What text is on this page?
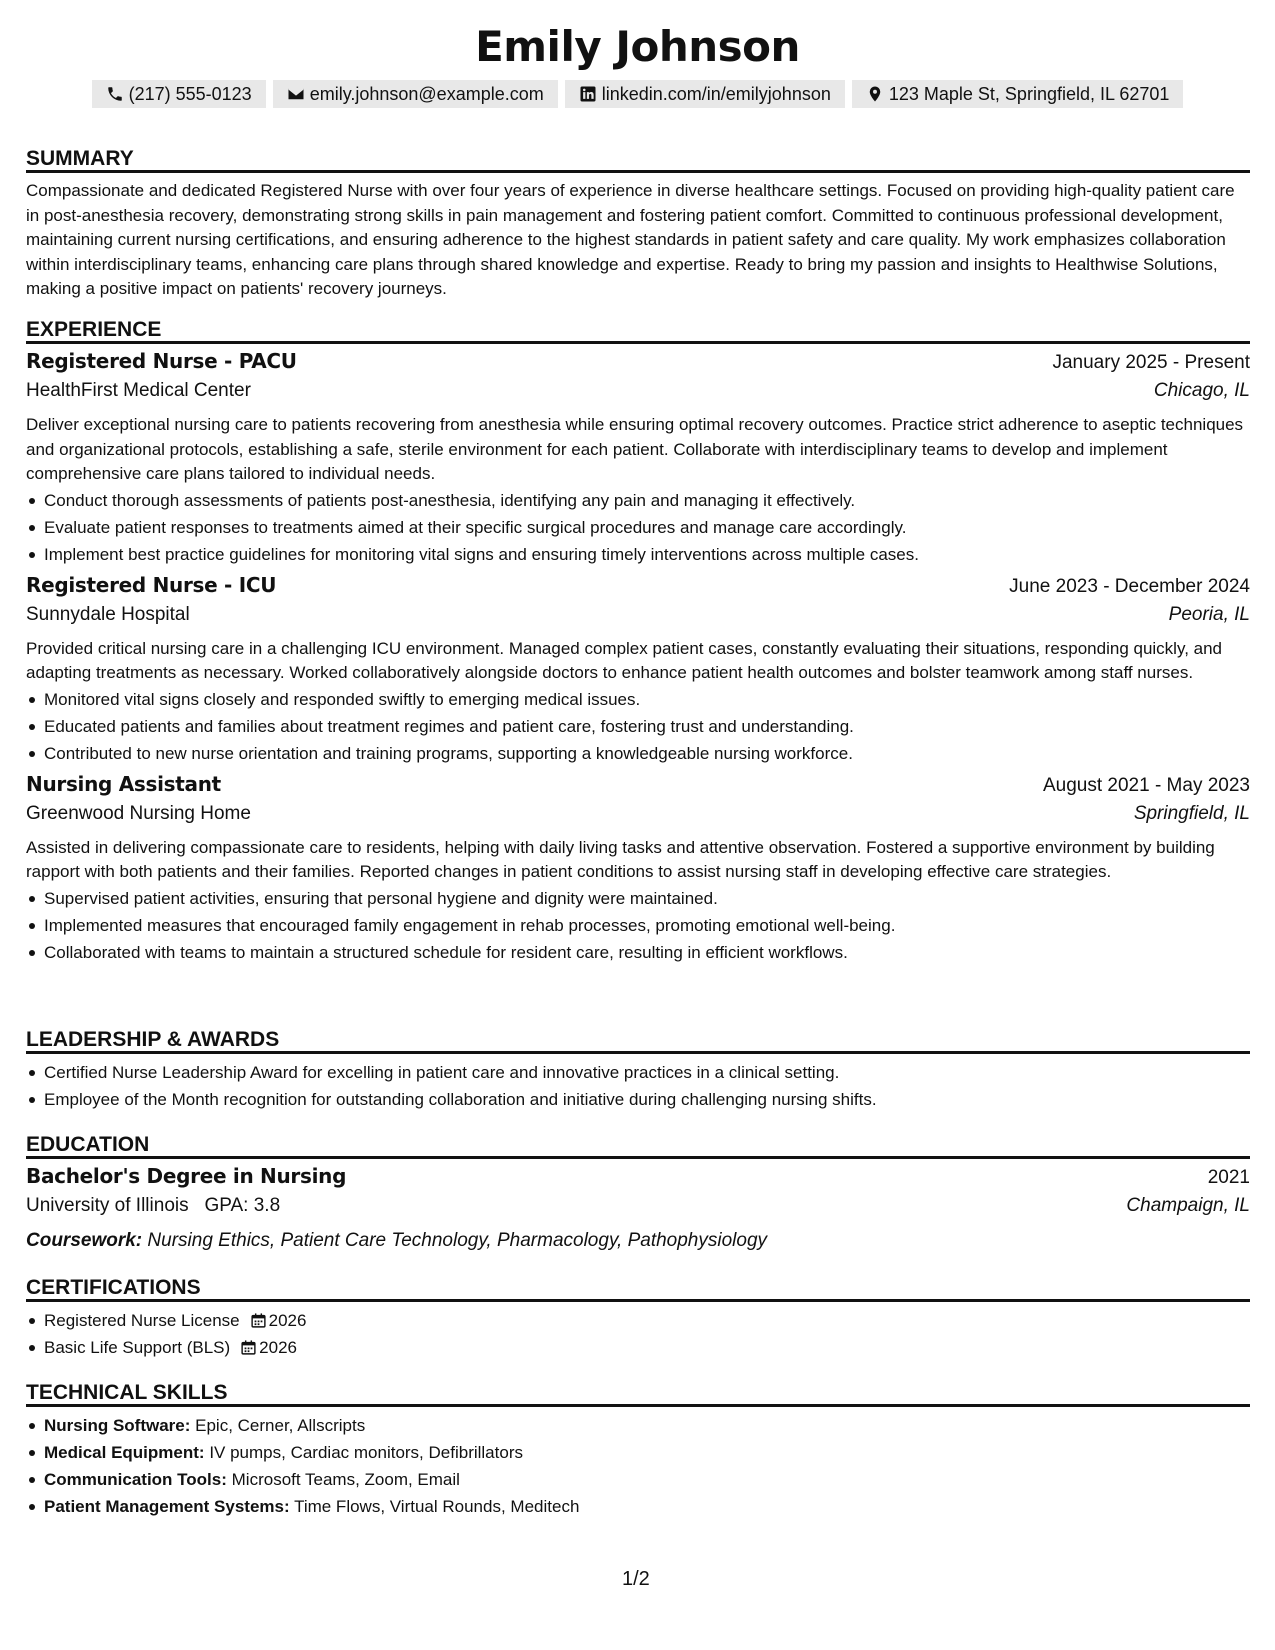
Emily Johnson
(217) 555-0123	emily.johnson@example.com	linkedin.com/in/emilyjohnson	123 Maple St, Springfield, IL 62701
SUMMARY
Compassionate and dedicated Registered Nurse with over four years of experience in diverse healthcare settings. Focused on providing high-quality patient care in post-anesthesia recovery, demonstrating strong skills in pain management and fostering patient comfort. Committed to continuous professional development, maintaining current nursing certifications, and ensuring adherence to the highest standards in patient safety and care quality. My work emphasizes collaboration within interdisciplinary teams, enhancing care plans through shared knowledge and expertise. Ready to bring my passion and insights to Healthwise Solutions, making a positive impact on patients' recovery journeys.
EXPERIENCE
Registered Nurse - PACU	January 2025 - Present
HealthFirst Medical Center	Chicago, IL
Deliver exceptional nursing care to patients recovering from anesthesia while ensuring optimal recovery outcomes. Practice strict adherence to aseptic techniques and organizational protocols, establishing a safe, sterile environment for each patient. Collaborate with interdisciplinary teams to develop and implement comprehensive care plans tailored to individual needs.
Conduct thorough assessments of patients post-anesthesia, identifying any pain and managing it effectively.
Evaluate patient responses to treatments aimed at their specific surgical procedures and manage care accordingly.
Implement best practice guidelines for monitoring vital signs and ensuring timely interventions across multiple cases.
Registered Nurse - ICU	June 2023 - December 2024
Sunnydale Hospital	Peoria, IL
Provided critical nursing care in a challenging ICU environment. Managed complex patient cases, constantly evaluating their situations, responding quickly, and adapting treatments as necessary. Worked collaboratively alongside doctors to enhance patient health outcomes and bolster teamwork among staff nurses.
Monitored vital signs closely and responded swiftly to emerging medical issues.
Educated patients and families about treatment regimes and patient care, fostering trust and understanding.
Contributed to new nurse orientation and training programs, supporting a knowledgeable nursing workforce.
Nursing Assistant	August 2021 - May 2023
Greenwood Nursing Home	Springfield, IL
Assisted in delivering compassionate care to residents, helping with daily living tasks and attentive observation. Fostered a supportive environment by building rapport with both patients and their families. Reported changes in patient conditions to assist nursing staff in developing effective care strategies.
Supervised patient activities, ensuring that personal hygiene and dignity were maintained.
Implemented measures that encouraged family engagement in rehab processes, promoting emotional well-being.
Collaborated with teams to maintain a structured schedule for resident care, resulting in efficient workflows.
LEADERSHIP & AWARDS
Certified Nurse Leadership Award for excelling in patient care and innovative practices in a clinical setting.
Employee of the Month recognition for outstanding collaboration and initiative during challenging nursing shifts.
EDUCATION
Bachelor's Degree in Nursing	2021
University of Illinois GPA: 3.8	Champaign, IL
Coursework: Nursing Ethics, Patient Care Technology, Pharmacology, Pathophysiology
CERTIFICATIONS
Registered Nurse License 2026
Basic Life Support (BLS) 2026
TECHNICAL SKILLS
Nursing Software: Epic, Cerner, Allscripts
Medical Equipment: IV pumps, Cardiac monitors, Defibrillators
Communication Tools: Microsoft Teams, Zoom, Email
Patient Management Systems: Time Flows, Virtual Rounds, Meditech
1/2
